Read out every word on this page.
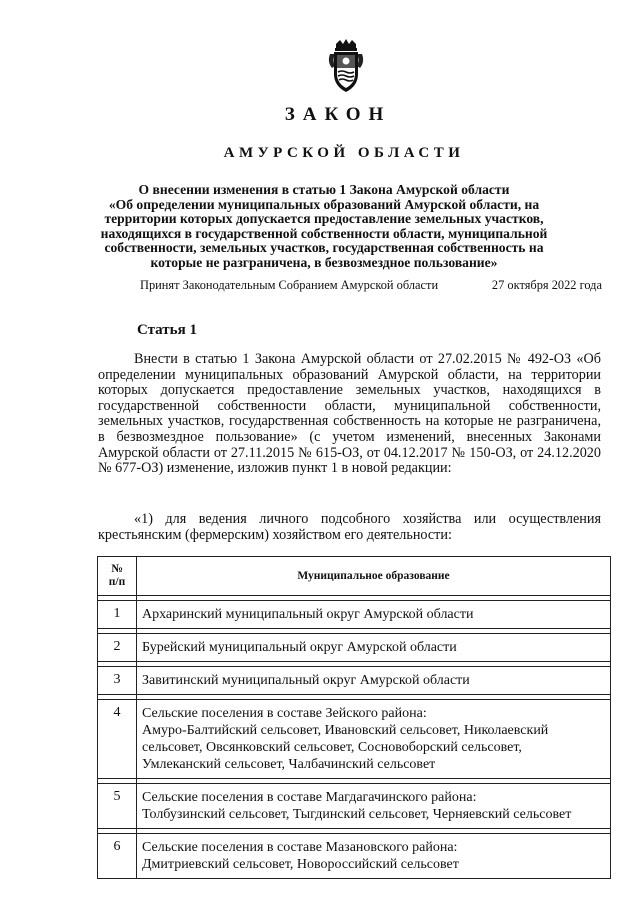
ЗАКОН
АМУРСКОЙ ОБЛАСТИ
О внесении изменения в статью 1 Закона Амурской области
«Об определении муниципальных образований Амурской области, на
территории которых допускается предоставление земельных участков,
находящихся в государственной собственности области, муниципальной
собственности, земельных участков, государственная собственность на
которые не разграничена, в безвозмездное пользование»
Принят Законодательным Собранием Амурской области	27 октября 2022 года
Статья 1

Внести в статью 1 Закона Амурской области от 27.02.2015 № 492-ОЗ «Об определении муниципальных образований Амурской области, на территории которых допускается предоставление земельных участков, находящихся в государственной собственности области, муниципальной собственности, земельных участков, государственная собственность на которые не разграничена, в безвозмездное пользование» (с учетом изменений, внесенных Законами Амурской области от 27.11.2015 № 615-ОЗ, от 04.12.2017 № 150-ОЗ, от 24.12.2020 № 677-ОЗ) изменение, изложив пункт 1 в новой редакции:

«1) для ведения личного подсобного хозяйства или осуществления крестьянским (фермерским) хозяйством его деятельности:

№
п/п	Муниципальное образование

1	Архаринский муниципальный округ Амурской области

2	Бурейский муниципальный округ Амурской области

3	Завитинский муниципальный округ Амурской области

4	Сельские поселения в составе Зейского района:
Амуро-Балтийский сельсовет, Ивановский сельсовет, Николаевский
сельсовет, Овсянковский сельсовет, Сосновоборский сельсовет,
Умлеканский сельсовет, Чалбачинский сельсовет

5	Сельские поселения в составе Магдагачинского района:
Толбузинский сельсовет, Тыгдинский сельсовет, Черняевский сельсовет

6	Сельские поселения в составе Мазановского района:
Дмитриевский сельсовет, Новороссийский сельсовет
